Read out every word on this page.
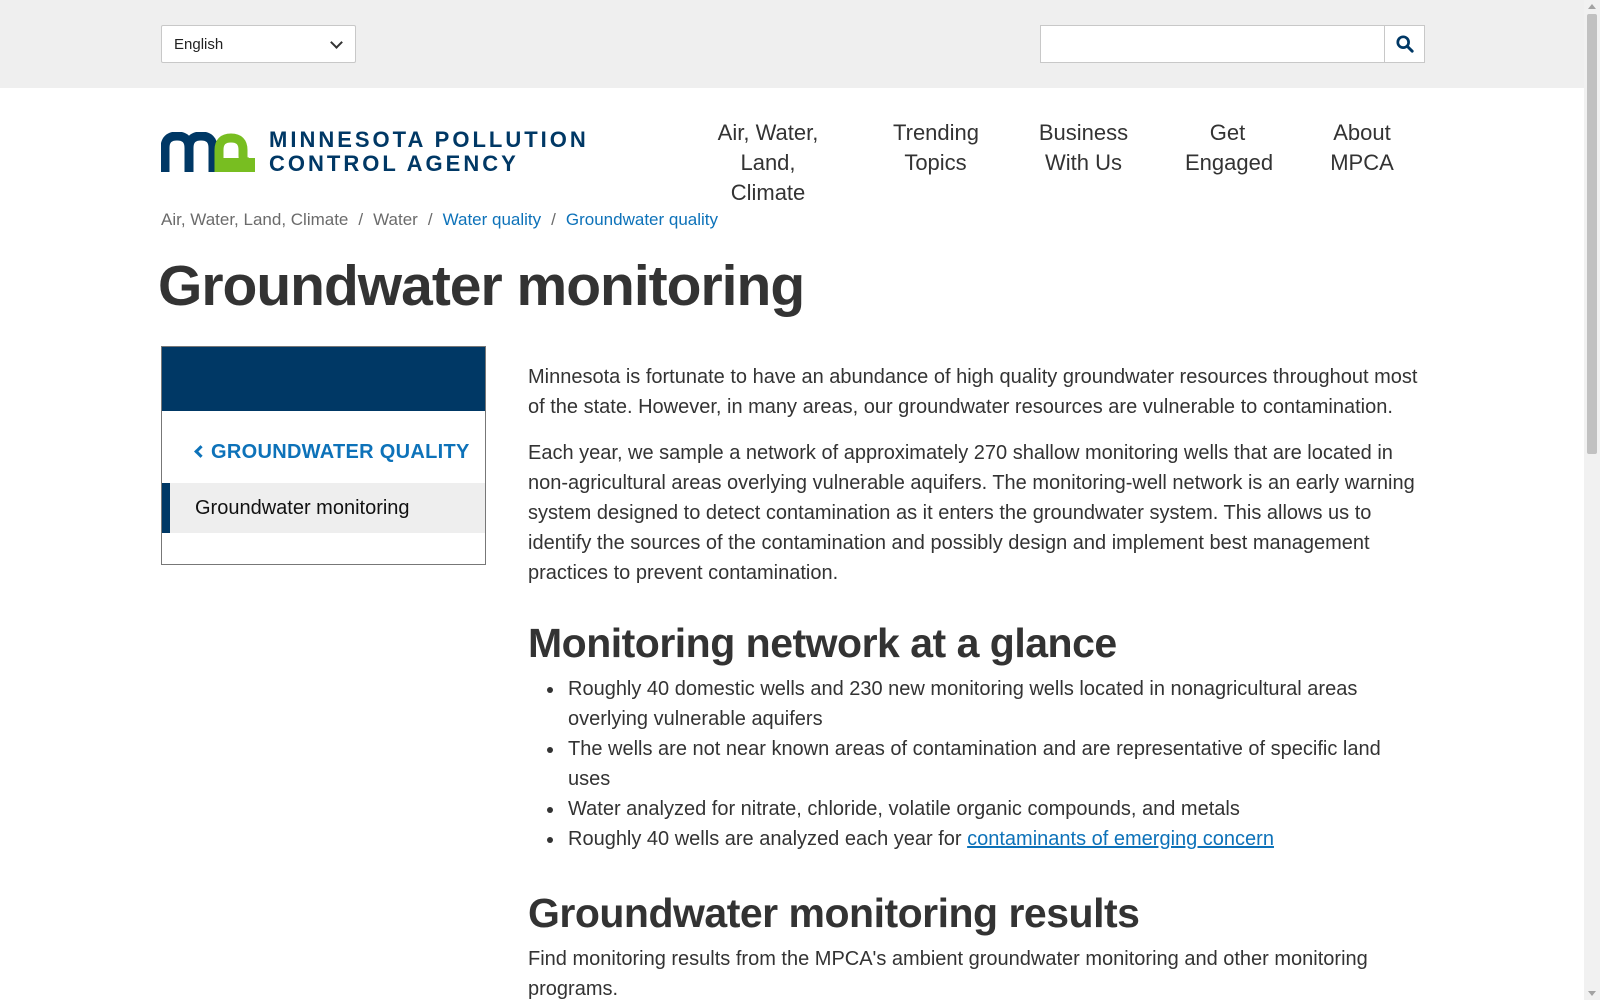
English
MINNESOTA POLLUTION
CONTROL AGENCY
Air, Water,
Land, Climate
Trending
Topics
Business
With Us
Get
Engaged
About
MPCA
Air, Water, Land, Climate / Water / Water quality / Groundwater quality
Groundwater monitoring
GROUNDWATER QUALITY
Groundwater monitoring

Minnesota is fortunate to have an abundance of high quality groundwater resources throughout most of the state. However, in many areas, our groundwater resources are vulnerable to contamination.

Each year, we sample a network of approximately 270 shallow monitoring wells that are located in non-agricultural areas overlying vulnerable aquifers. The monitoring-well network is an early warning system designed to detect contamination as it enters the groundwater system. This allows us to identify the sources of the contamination and possibly design and implement best management practices to prevent contamination.

Monitoring network at a glance
Roughly 40 domestic wells and 230 new monitoring wells located in nonagricultural areas overlying vulnerable aquifers
The wells are not near known areas of contamination and are representative of specific land uses
Water analyzed for nitrate, chloride, volatile organic compounds, and metals
Roughly 40 wells are analyzed each year for contaminants of emerging concern
Groundwater monitoring results

Find monitoring results from the MPCA's ambient groundwater monitoring and other monitoring programs.
